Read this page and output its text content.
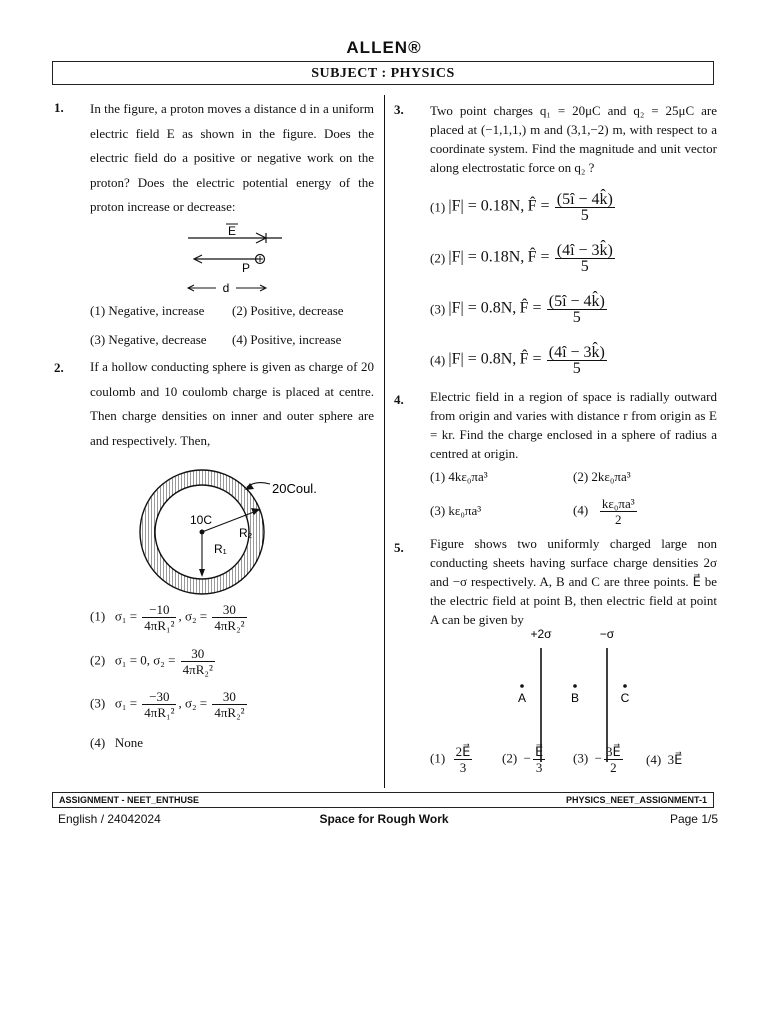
ALLEN®
SUBJECT : PHYSICS
1. In the figure, a proton moves a distance d in a uniform electric field E as shown in the figure. Does the electric field do a positive or negative work on the proton? Does the electric potential energy of the proton increase or decrease:
E
P
d
(1) Negative, increase (2) Positive, decrease
(3) Negative, decrease (4) Positive, increase
2. If a hollow conducting sphere is given as charge of 20 coulomb and 10 coulomb charge is placed at centre. Then charge densities on inner and outer sphere are and respectively. Then,
20Coul.
10C
R₂
R₁
(1) $\sigma_1 = \frac{-10}{\text{4πR₁²}}$ , $\sigma_2 = \frac{30}{\text{4πR₂²}}$
(2) σ₁ = 0, $\sigma_2 = \frac{30}{\text{4πR₂²}}$
(3) $\sigma_1 = \frac{-30}{\text{4πR₁²}}$ , $\sigma_2 = \frac{30}{\text{4πR₂²}}$
(4) None
3. Two point charges q₁ = 20μC and q₂ = 25μC are placed at (−1,1,1,) m and (3,1,−2) m, with respect to a coordinate system. Find the magnitude and unit vector along electrostatic force on q₂ ?
(1) |F| = 0.18N, F̂ = $\frac{(5î - 4k̂)}{5}$
(2) |F| = 0.18N, F̂ = $\frac{(4î - 3k̂)}{5}$
(3) |F| = 0.8N, F̂ = $\frac{(5î - 4k̂)}{5}$
(4) |F| = 0.8N, F̂ = $\frac{(4î - 3k̂)}{5}$
4. Electric field in a region of space is radially outward from origin and varies with distance r from origin as E = kr. Find the charge enclosed in a sphere of radius a centred at origin.
(1) 4kε₀πa³	(2) 2kε₀πa³
(3) kε₀πa³	$(4) \frac{\text{kε₀πa³}}{2}$
5. Figure shows two uniformly charged large non conducting sheets having surface charge densities 2σ and −σ respectively. A, B and C are three points. E⃗ be the electric field at point B, then electric field at point A can be given by
+2σ	−σ
A	B	C
$(1) \frac{2E⃗}{3} (2) - \frac{E⃗}{3} (3) - \frac{3E⃗}{2} (4)$ 3E⃗
ASSIGNMENT - NEET_ENTHUSE	PHYSICS_NEET_ASSIGNMENT-1
English / 24042024	Space for Rough Work	Page 1/5
